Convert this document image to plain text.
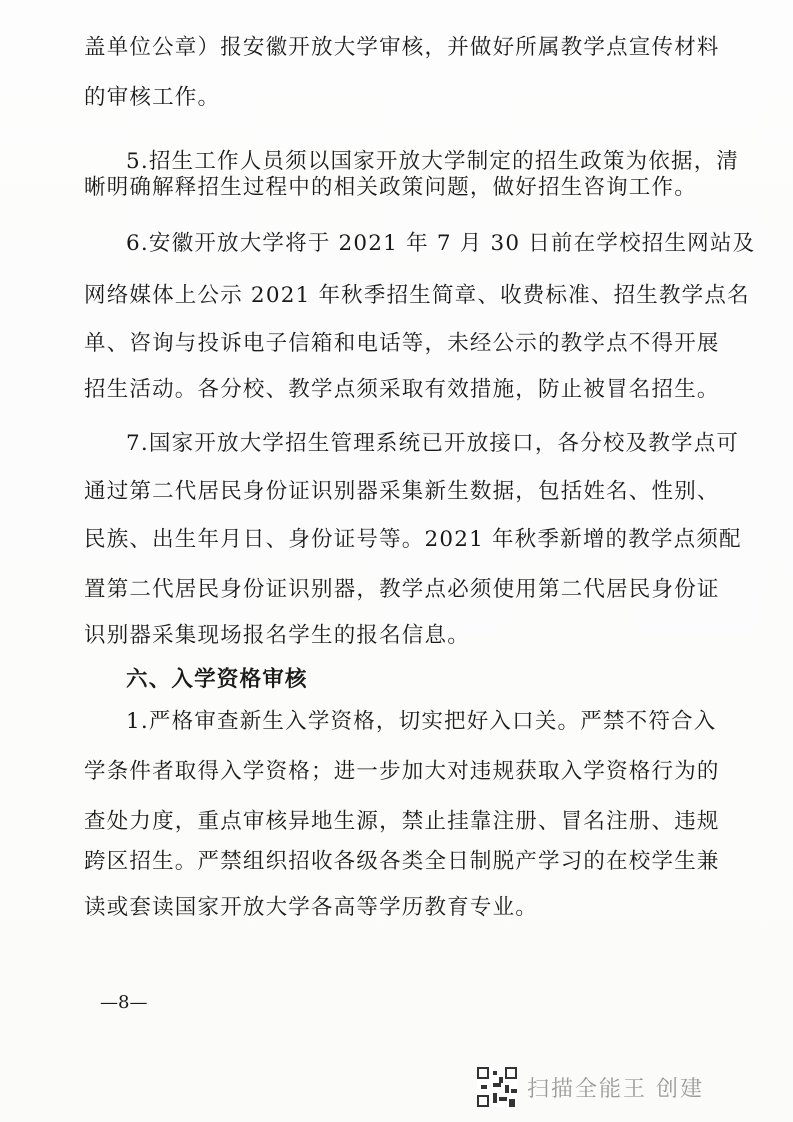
盖单位公章）报安徽开放大学审核，并做好所属教学点宣传材料
的审核工作。
5.招生工作人员须以国家开放大学制定的招生政策为依据，清
晰明确解释招生过程中的相关政策问题，做好招生咨询工作。
6.安徽开放大学将于 2021 年 7 月 30 日前在学校招生网站及
网络媒体上公示 2021 年秋季招生简章、收费标准、招生教学点名
单、咨询与投诉电子信箱和电话等，未经公示的教学点不得开展
招生活动。各分校、教学点须采取有效措施，防止被冒名招生。
7.国家开放大学招生管理系统已开放接口，各分校及教学点可
通过第二代居民身份证识别器采集新生数据，包括姓名、性别、
民族、出生年月日、身份证号等。2021 年秋季新增的教学点须配
置第二代居民身份证识别器，教学点必须使用第二代居民身份证
识别器采集现场报名学生的报名信息。
六、入学资格审核
1.严格审查新生入学资格，切实把好入口关。严禁不符合入
学条件者取得入学资格；进一步加大对违规获取入学资格行为的
查处力度，重点审核异地生源，禁止挂靠注册、冒名注册、违规
跨区招生。严禁组织招收各级各类全日制脱产学习的在校学生兼
读或套读国家开放大学各高等学历教育专业。
—8—
扫描全能王 创建
